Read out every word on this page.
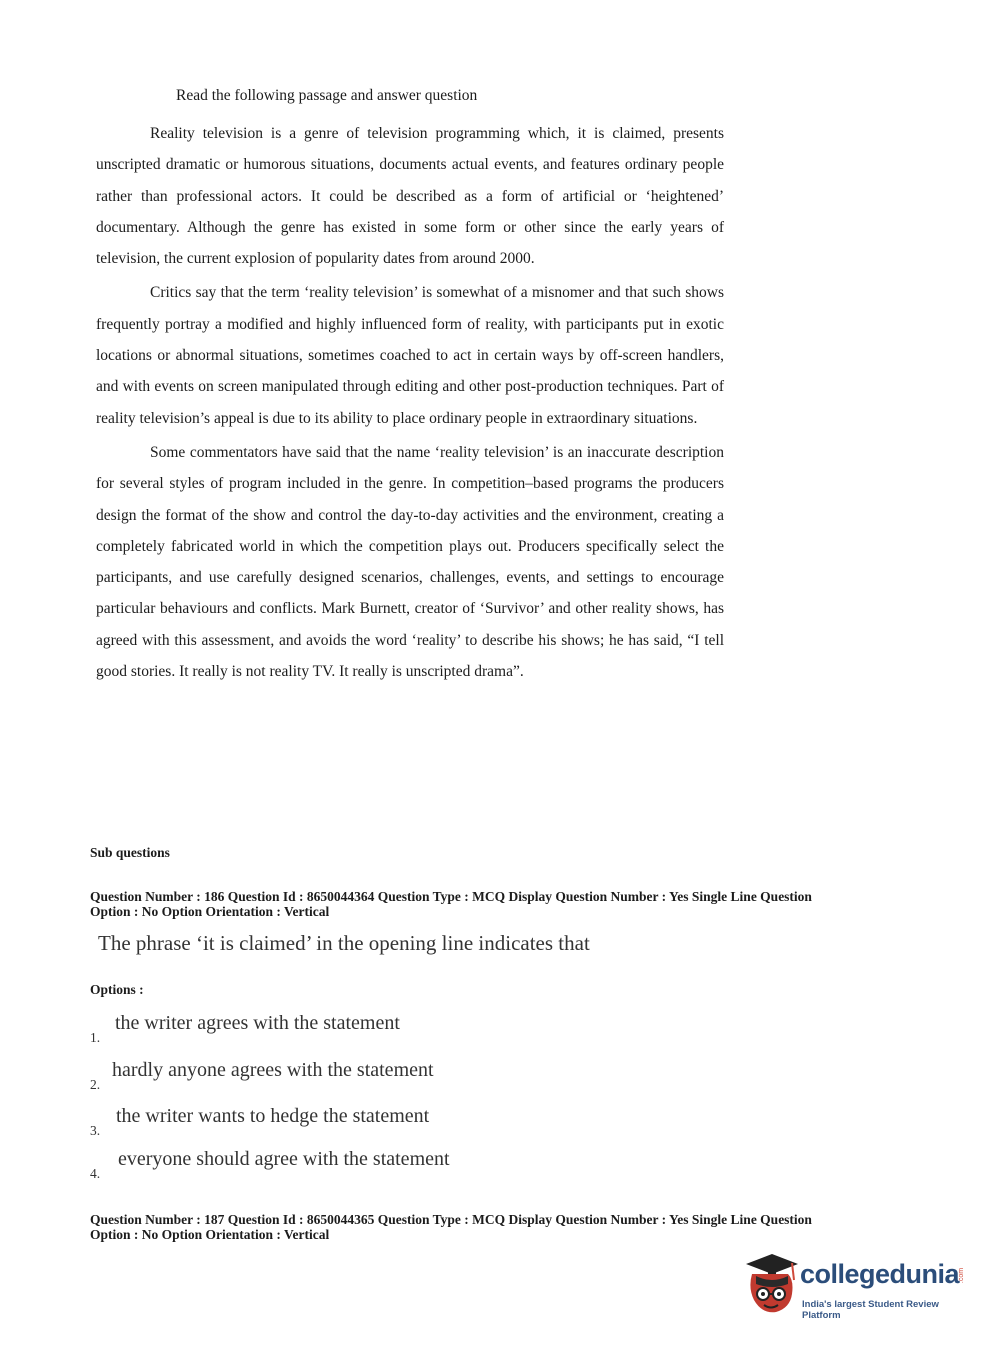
Read the following passage and answer question

Reality television is a genre of television programming which, it is claimed, presents unscripted dramatic or humorous situations, documents actual events, and features ordinary people rather than professional actors. It could be described as a form of artificial or ‘heightened’ documentary. Although the genre has existed in some form or other since the early years of television, the current explosion of popularity dates from around 2000.

Critics say that the term ‘reality television’ is somewhat of a misnomer and that such shows frequently portray a modified and highly influenced form of reality, with participants put in exotic locations or abnormal situations, sometimes coached to act in certain ways by off-screen handlers, and with events on screen manipulated through editing and other post-production techniques. Part of reality television’s appeal is due to its ability to place ordinary people in extraordinary situations.

Some commentators have said that the name ‘reality television’ is an inaccurate description for several styles of program included in the genre. In competition–based programs the producers design the format of the show and control the day-to-day activities and the environment, creating a completely fabricated world in which the competition plays out. Producers specifically select the participants, and use carefully designed scenarios, challenges, events, and settings to encourage particular behaviours and conflicts. Mark Burnett, creator of ‘Survivor’ and other reality shows, has agreed with this assessment, and avoids the word ‘reality’ to describe his shows; he has said, “I tell good stories. It really is not reality TV. It really is unscripted drama”.

Sub questions
Question Number : 186 Question Id : 8650044364 Question Type : MCQ Display Question Number : Yes Single Line Question
Option : No Option Orientation : Vertical
The phrase ‘it is claimed’ in the opening line indicates that
Options :
1.
the writer agrees with the statement
2.
hardly anyone agrees with the statement
3.
the writer wants to hedge the statement
4.
everyone should agree with the statement
Question Number : 187 Question Id : 8650044365 Question Type : MCQ Display Question Number : Yes Single Line Question
Option : No Option Orientation : Vertical
collegedunia .com
India's largest Student Review Platform
